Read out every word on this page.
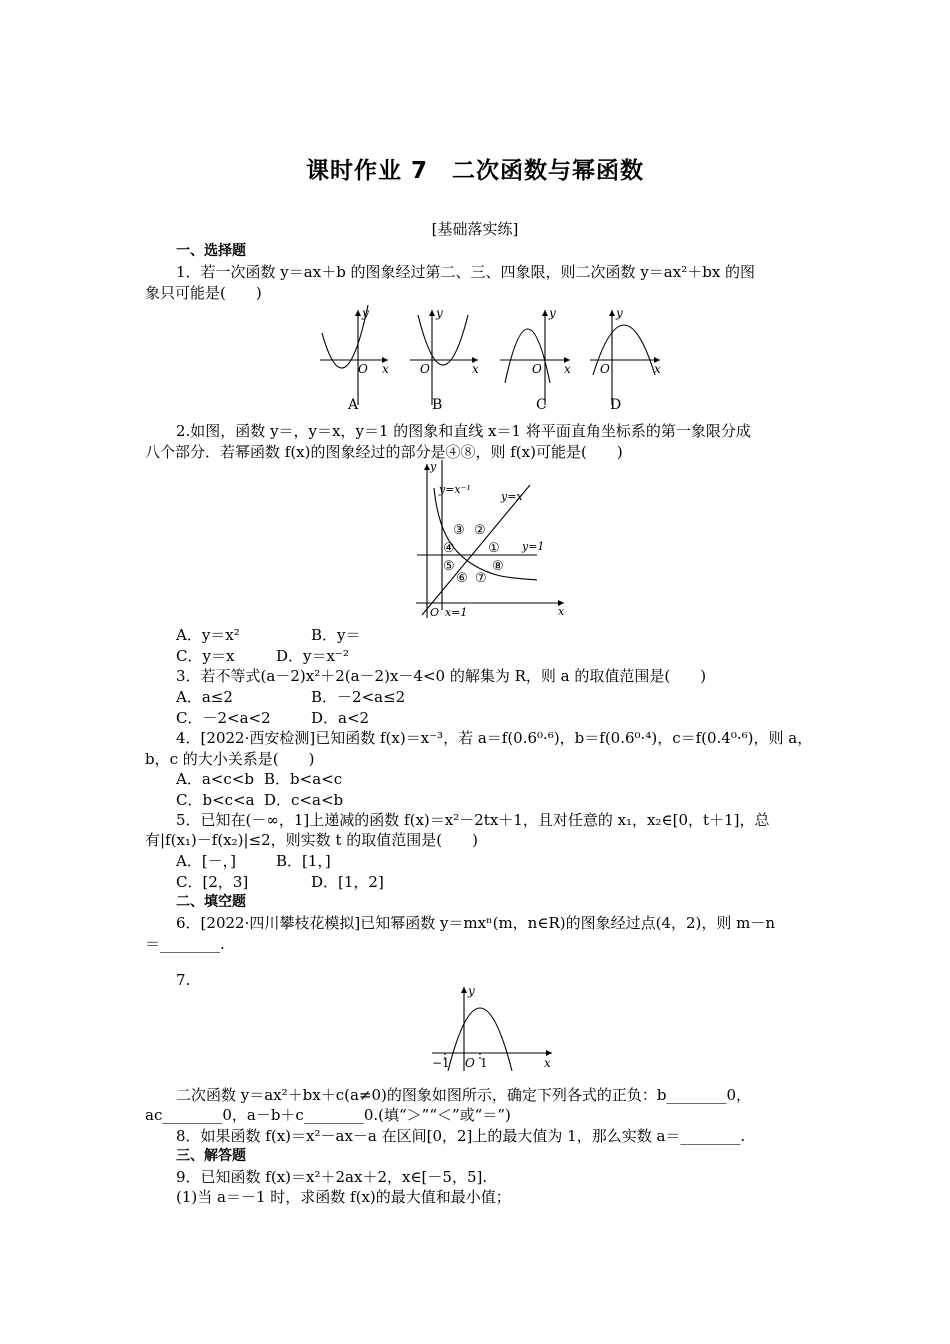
课时作业 7　二次函数与幂函数
[基础落实练]
一、选择题
1．若一次函数 y＝ax＋b 的图象经过第二、三、四象限，则二次函数 y＝ax²＋bx 的图
象只可能是(　　)
y
x
O
y
x
O
y
x
O
y
x
O
A	B	C	D
2.如图，函数 y＝，y＝x，y＝1 的图象和直线 x＝1 将平面直角坐标系的第一象限分成
八个部分．若幂函数 f(x)的图象经过的部分是④⑧，则 f(x)可能是(　　)
y
x
O
y=x⁻¹
y=x
y=1
x=1
①
②
③
④
⑤
⑥ ⑦
⑧
A．y＝x²	B．y＝
C．y＝x	D．y＝x⁻²
3．若不等式(a－2)x²＋2(a－2)x－4<0 的解集为 R，则 a 的取值范围是(　　)
A．a≤2	B．－2<a≤2
C．－2<a<2	D．a<2
4．[2022·西安检测]已知函数 f(x)＝x⁻³，若 a＝f(0.6⁰·⁶)，b＝f(0.6⁰·⁴)，c＝f(0.4⁰·⁶)，则 a，
b，c 的大小关系是(　　)
A．a<c<b B．b<a<c
C．b<c<a D．c<a<b
5．已知在(－∞，1]上递减的函数 f(x)＝x²－2tx＋1，且对任意的 x₁，x₂∈[0，t＋1]，总
有|f(x₁)－f(x₂)|≤2，则实数 t 的取值范围是(　　)
A．[－，]	B．[1，]
C．[2，3]	D．[1，2]
二、填空题
6．[2022·四川攀枝花模拟]已知幂函数 y＝mxⁿ(m，n∈R)的图象经过点(4，2)，则 m－n
＝________.
7.
y
x
−1 O 1
二次函数 y＝ax²＋bx＋c(a≠0)的图象如图所示，确定下列各式的正负：b________0，
ac________0，a－b＋c________0.(填“＞”“＜”或“＝”)
8．如果函数 f(x)＝x²－ax－a 在区间[0，2]上的最大值为 1，那么实数 a＝________.
三、解答题
9．已知函数 f(x)＝x²＋2ax＋2，x∈[－5，5].
(1)当 a＝－1 时，求函数 f(x)的最大值和最小值；
